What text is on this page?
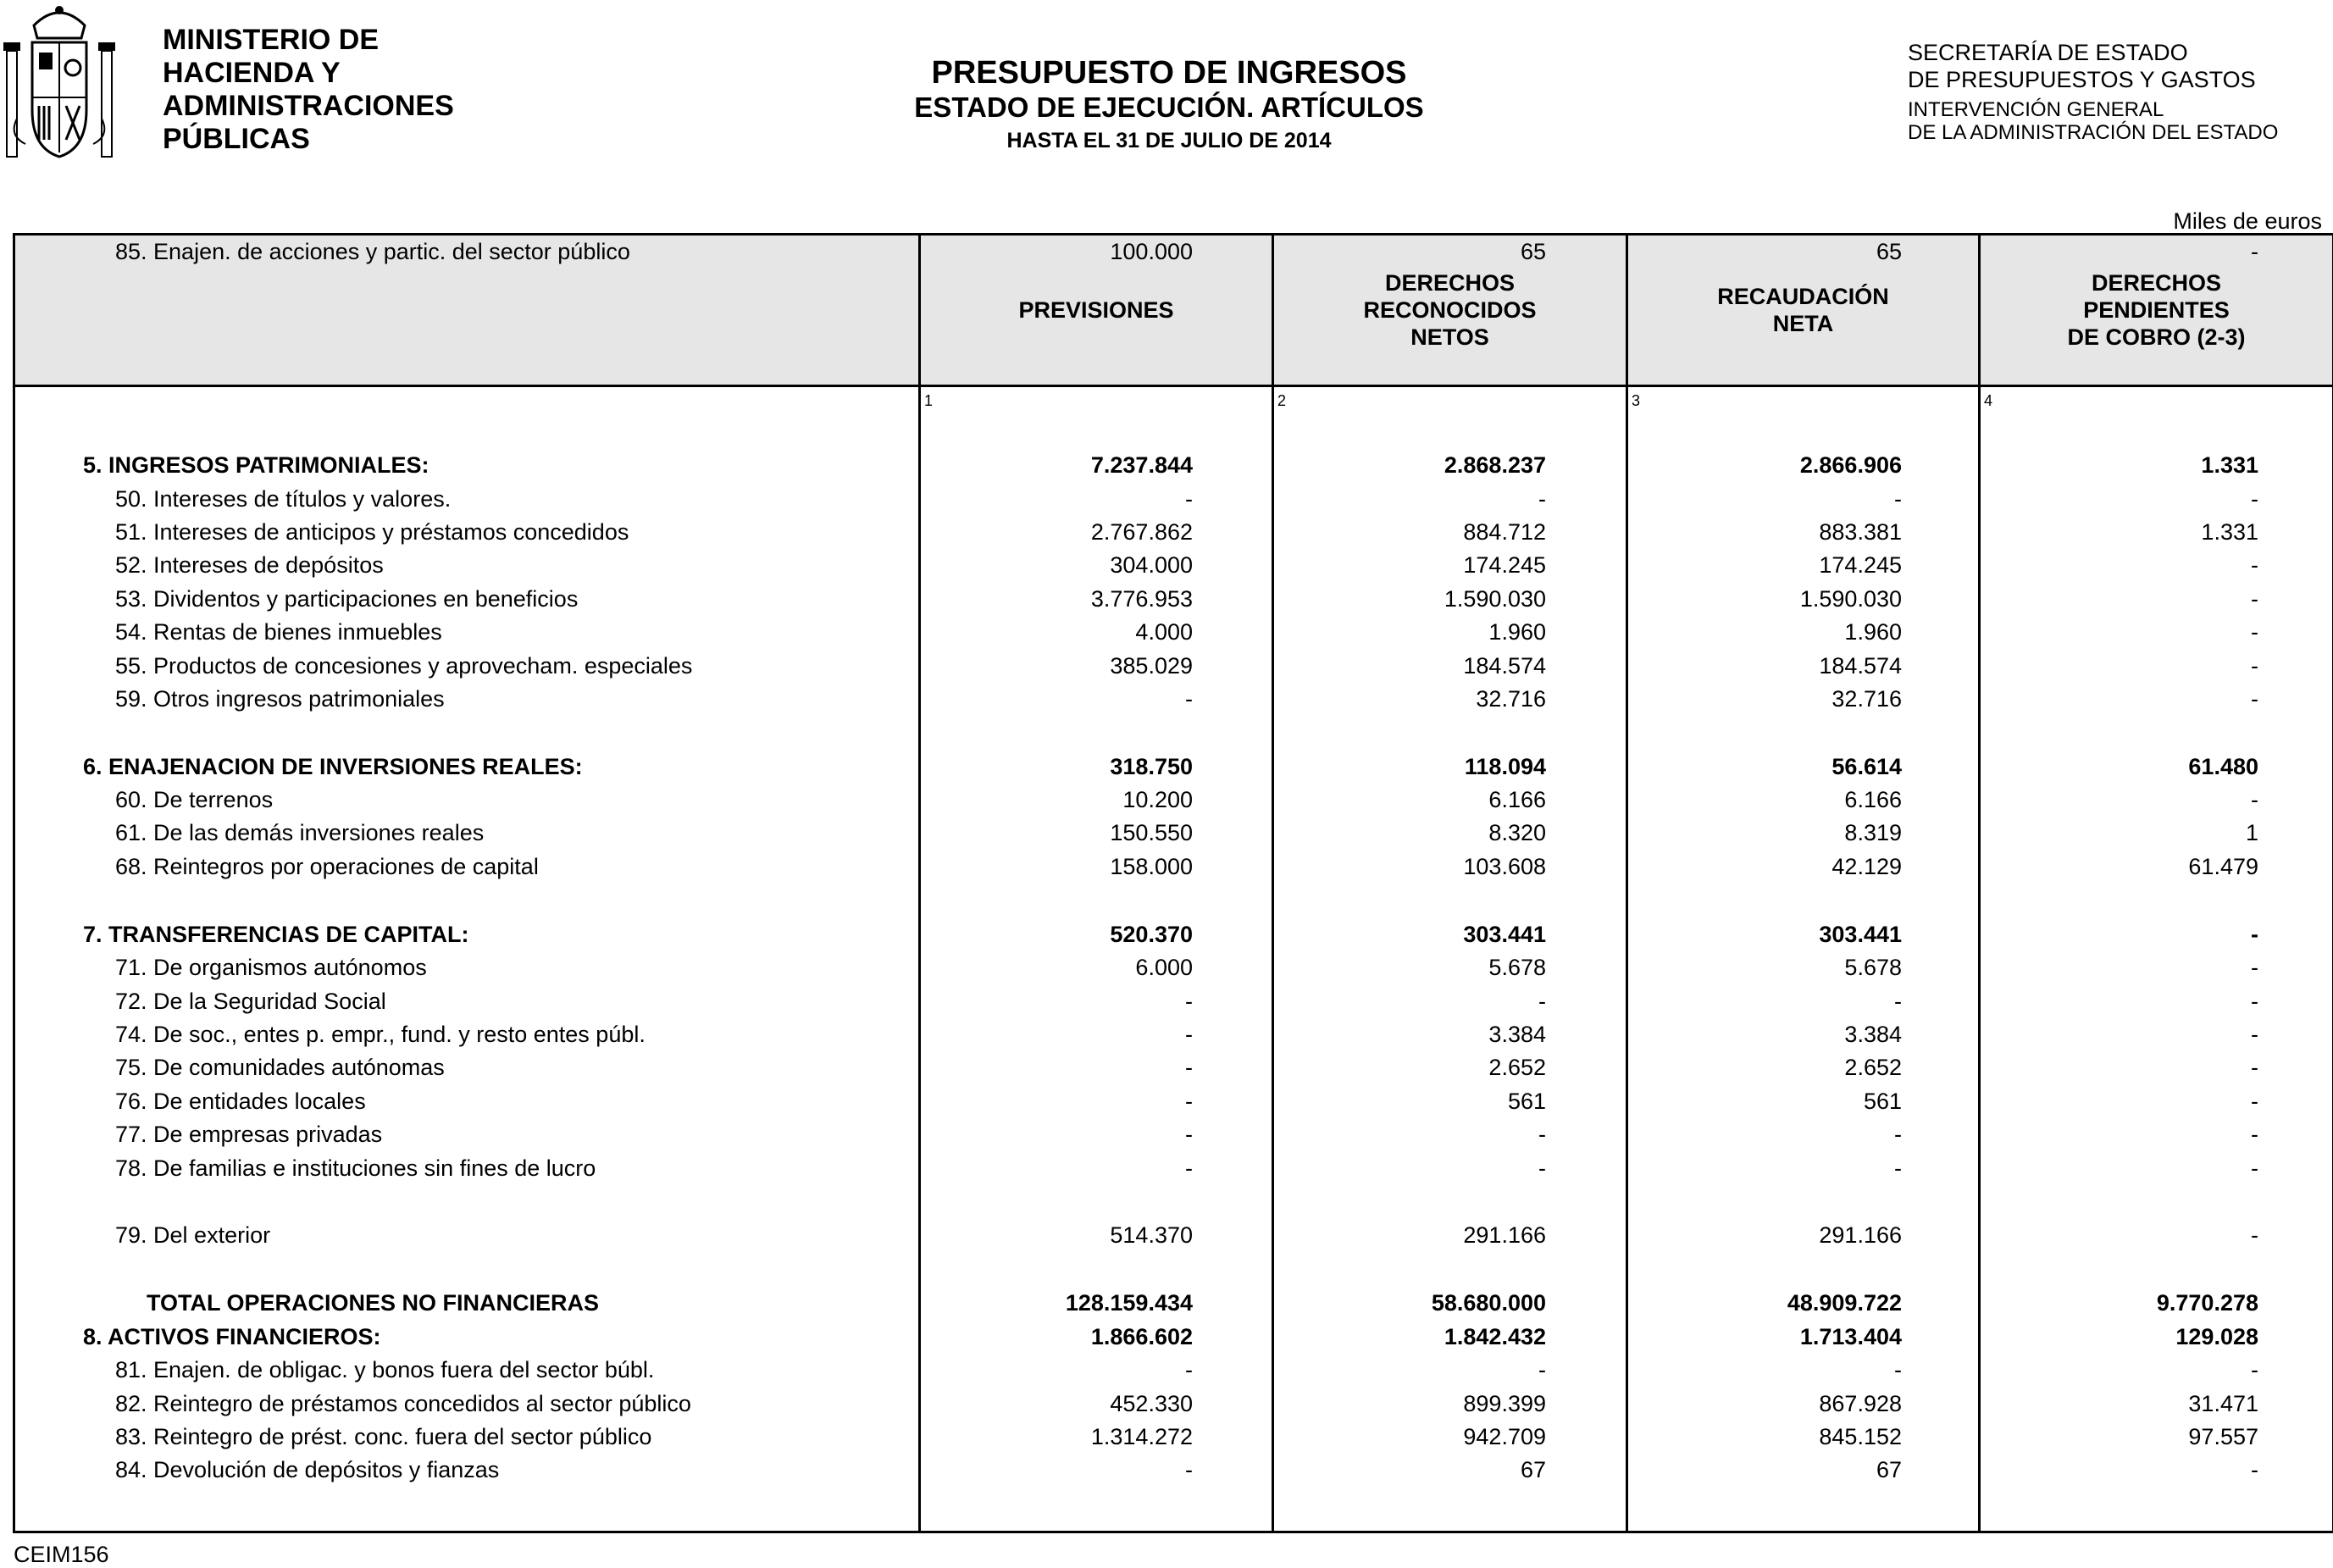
MINISTERIO DE
HACIENDA Y
ADMINISTRACIONES
PÚBLICAS
PRESUPUESTO DE INGRESOS
ESTADO DE EJECUCIÓN. ARTÍCULOS
HASTA EL 31 DE JULIO DE 2014
SECRETARÍA DE ESTADO
DE PRESUPUESTOS Y GASTOS
INTERVENCIÓN GENERAL
DE LA ADMINISTRACIÓN DEL ESTADO
Miles de euros
PREVISIONES
DERECHOS
RECONOCIDOS
NETOS
RECAUDACIÓN
NETA
DERECHOS
PENDIENTES
DE COBRO (2-3)
1	2	3	4
5. INGRESOS PATRIMONIALES:	7.237.844	2.868.237	2.866.906	1.331
50. Intereses de títulos y valores.	-	-	-	-
51. Intereses de anticipos y préstamos concedidos	2.767.862	884.712	883.381	1.331
52. Intereses de depósitos	304.000	174.245	174.245	-
53. Dividentos y participaciones en beneficios	3.776.953	1.590.030	1.590.030	-
54. Rentas de bienes inmuebles	4.000	1.960	1.960	-
55. Productos de concesiones y aprovecham. especiales	385.029	184.574	184.574	-
59. Otros ingresos patrimoniales	-	32.716	32.716	-
6. ENAJENACION DE INVERSIONES REALES:	318.750	118.094	56.614	61.480
60. De terrenos	10.200	6.166	6.166	-
61. De las demás inversiones reales	150.550	8.320	8.319	1
68. Reintegros por operaciones de capital	158.000	103.608	42.129	61.479
7. TRANSFERENCIAS DE CAPITAL:	520.370	303.441	303.441	-
71. De organismos autónomos	6.000	5.678	5.678	-
72. De la Seguridad Social	-	-	-	-
74. De soc., entes p. empr., fund. y resto entes públ.	-	3.384	3.384	-
75. De comunidades autónomas	-	2.652	2.652	-
76. De entidades locales	-	561	561	-
77. De empresas privadas	-	-	-	-
78. De familias e instituciones sin fines de lucro	-	-	-	-
79. Del exterior	514.370	291.166	291.166	-
TOTAL OPERACIONES NO FINANCIERAS	128.159.434	58.680.000	48.909.722	9.770.278
8. ACTIVOS FINANCIEROS:	1.866.602	1.842.432	1.713.404	129.028
81. Enajen. de obligac. y bonos fuera del sector búbl.	-	-	-	-
82. Reintegro de préstamos concedidos al sector público	452.330	899.399	867.928	31.471
83. Reintegro de prést. conc. fuera del sector público	1.314.272	942.709	845.152	97.557
84. Devolución de depósitos y fianzas	-	67	67	-
85. Enajen. de acciones y partic. del sector público	100.000	65	65	-
CEIM156
